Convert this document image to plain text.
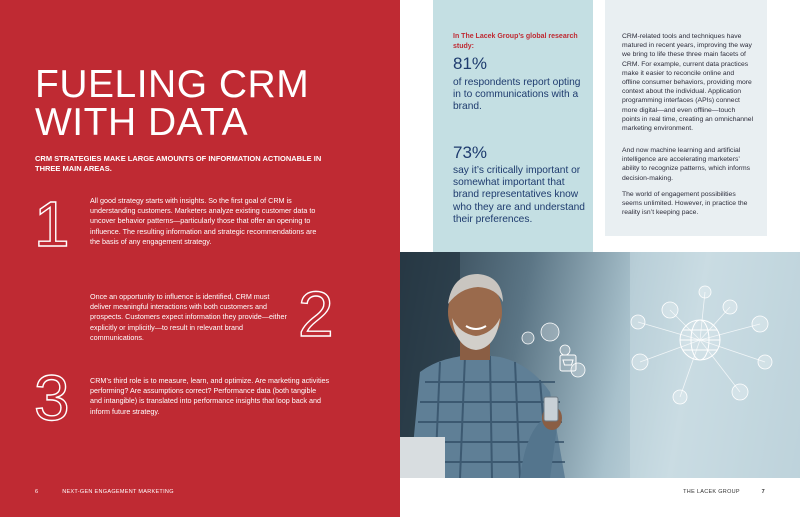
FUELING CRM
WITH DATA
CRM STRATEGIES MAKE LARGE AMOUNTS OF INFORMATION ACTIONABLE IN THREE MAIN AREAS.
1	All good strategy starts with insights. So the first goal of CRM is understanding customers. Marketers analyze existing customer data to uncover behavior patterns—particularly those that offer an opening to influence. The resulting information and strategic recommendations are the basis of any engagement strategy.
2
Once an opportunity to influence is identified, CRM must deliver meaningful interactions with both customers and prospects. Customers expect information they provide—either explicitly or implicitly—to result in relevant brand communications.
3	CRM’s third role is to measure, learn, and optimize. Are marketing activities performing? Are assumptions correct? Performance data (both tangible and intangible) is translated into performance insights that loop back and inform future strategy.
6	NEXT-GEN ENGAGEMENT MARKETING
In The Lacek Group’s global research study:
81%
of respondents report opting in to communications with a brand.
73%
say it’s critically important or somewhat important that brand representatives know who they are and understand their preferences.

CRM-related tools and techniques have matured in recent years, improving the way we bring to life these three main facets of CRM. For example, current data practices make it easier to reconcile online and offline consumer behaviors, providing more context about the individual. Application programming interfaces (APIs) connect more digital—and even offline—touch points in real time, creating an omnichannel marketing environment.

And now machine learning and artificial intelligence are accelerating marketers’ ability to recognize patterns, which informs decision-making.

The world of engagement possibilities seems unlimited. However, in practice the reality isn’t keeping pace.

THE LACEK GROUP	7
